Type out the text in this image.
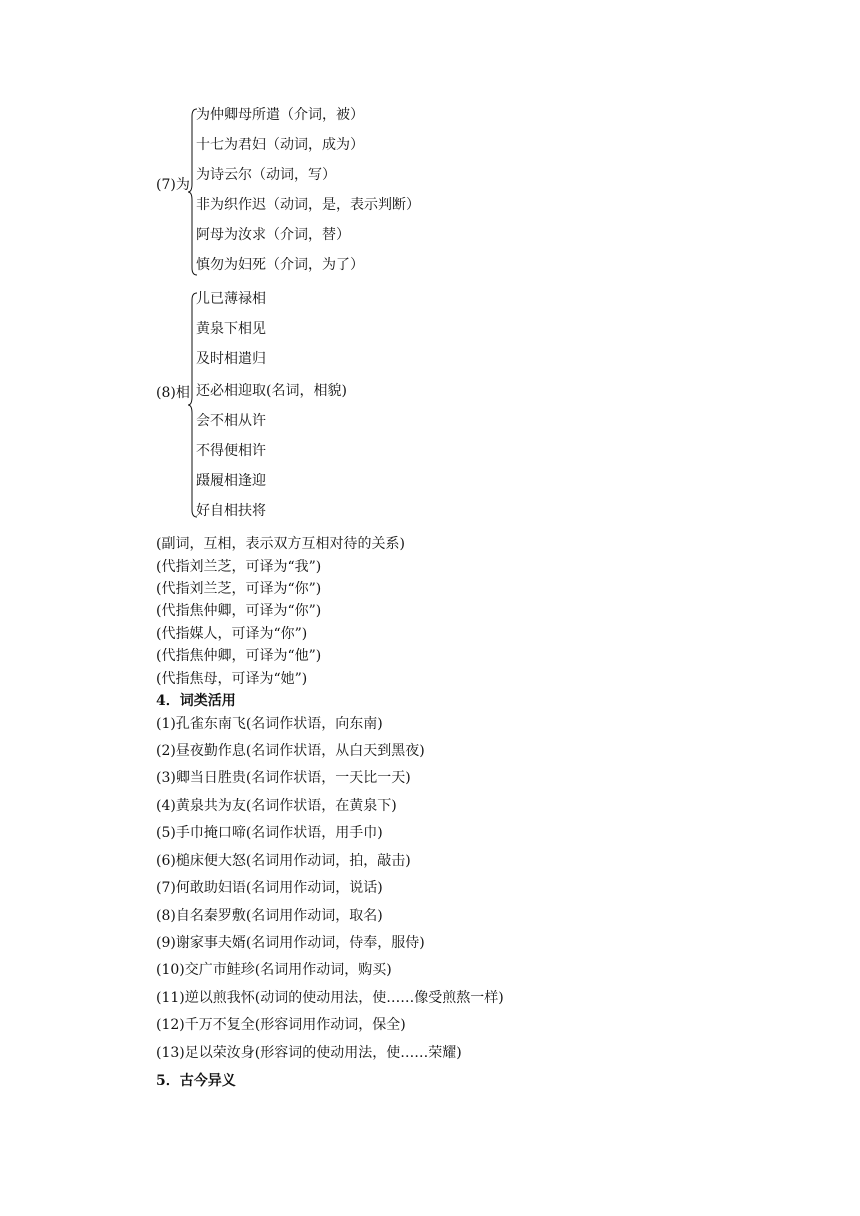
(7)为
为仲卿母所遣（介词，被）
十七为君妇（动词，成为）
为诗云尔（动词，写）
非为织作迟（动词，是，表示判断）
阿母为汝求（介词，替）
慎勿为妇死（介词，为了）
(8)相
儿已薄禄相
黄泉下相见
及时相遣归
还必相迎取(名词，相貌)
会不相从许
不得便相许
蹑履相逢迎
好自相扶将
(副词，互相，表示双方互相对待的关系)
(代指刘兰芝，可译为“我”)
(代指刘兰芝，可译为“你”)
(代指焦仲卿，可译为“你”)
(代指媒人，可译为“你”)
(代指焦仲卿，可译为“他”)
(代指焦母，可译为“她”)
4．词类活用
(1)孔雀东南飞(名词作状语，向东南)
(2)昼夜勤作息(名词作状语，从白天到黑夜)
(3)卿当日胜贵(名词作状语，一天比一天)
(4)黄泉共为友(名词作状语，在黄泉下)
(5)手巾掩口啼(名词作状语，用手巾)
(6)槌床便大怒(名词用作动词，拍，敲击)
(7)何敢助妇语(名词用作动词，说话)
(8)自名秦罗敷(名词用作动词，取名)
(9)谢家事夫婿(名词用作动词，侍奉，服侍)
(10)交广市鲑珍(名词用作动词，购买)
(11)逆以煎我怀(动词的使动用法，使……像受煎熬一样)
(12)千万不复全(形容词用作动词，保全)
(13)足以荣汝身(形容词的使动用法，使……荣耀)
5．古今异义
